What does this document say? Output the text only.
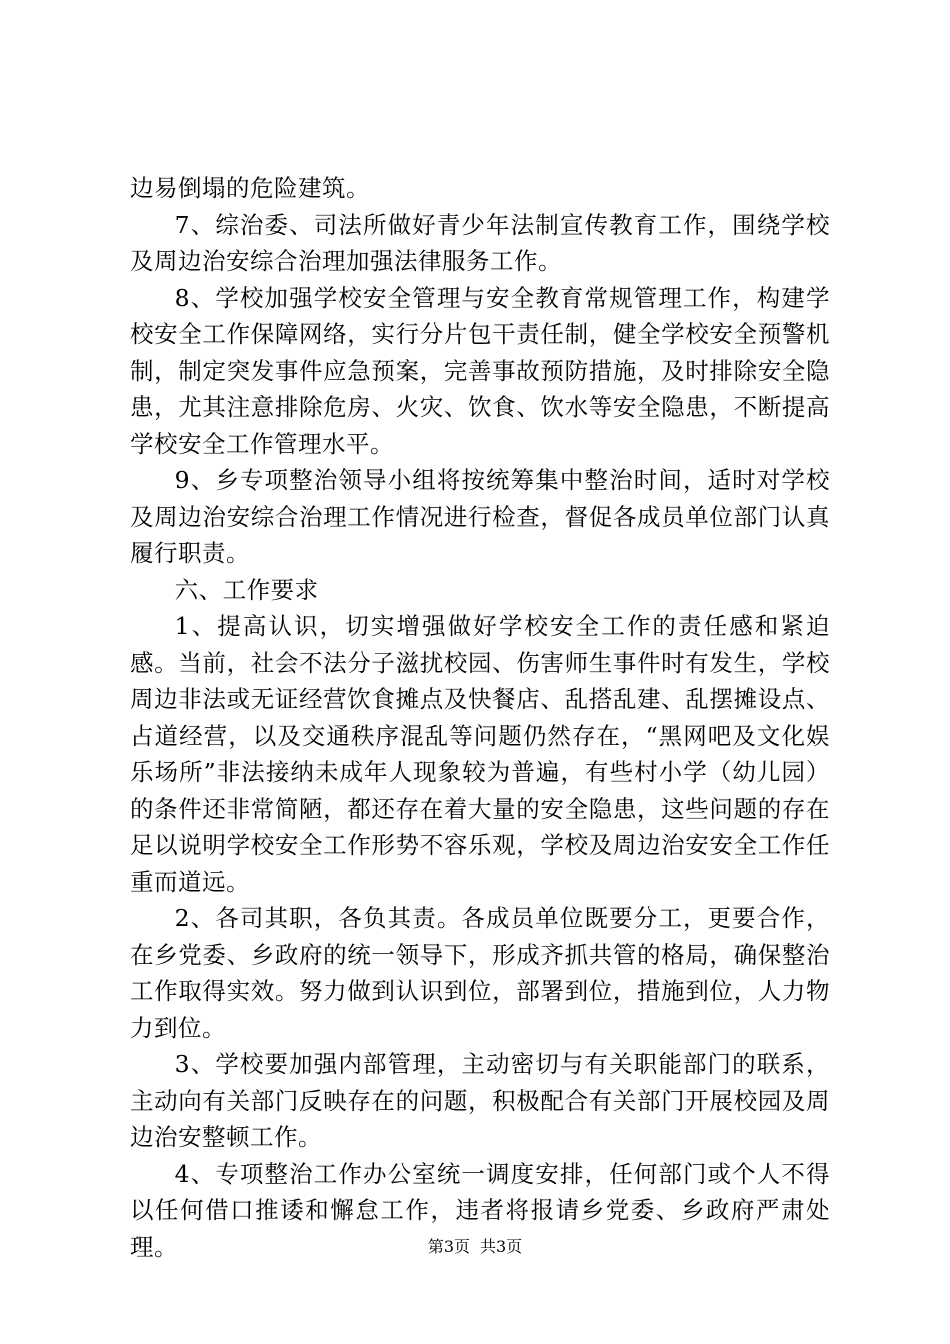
边易倒塌的危险建筑。

7、综治委、司法所做好青少年法制宣传教育工作，围绕学校及周边治安综合治理加强法律服务工作。

8、学校加强学校安全管理与安全教育常规管理工作，构建学校安全工作保障网络，实行分片包干责任制，健全学校安全预警机制，制定突发事件应急预案，完善事故预防措施，及时排除安全隐患，尤其注意排除危房、火灾、饮食、饮水等安全隐患，不断提高学校安全工作管理水平。

9、乡专项整治领导小组将按统筹集中整治时间，适时对学校及周边治安综合治理工作情况进行检查，督促各成员单位部门认真履行职责。

六、工作要求

1、提高认识，切实增强做好学校安全工作的责任感和紧迫感。当前，社会不法分子滋扰校园、伤害师生事件时有发生，学校周边非法或无证经营饮食摊点及快餐店、乱搭乱建、乱摆摊设点、占道经营，以及交通秩序混乱等问题仍然存在，“黑网吧及文化娱乐场所”非法接纳未成年人现象较为普遍，有些村小学（幼儿园）的条件还非常简陋，都还存在着大量的安全隐患，这些问题的存在足以说明学校安全工作形势不容乐观，学校及周边治安安全工作任重而道远。

2、各司其职，各负其责。各成员单位既要分工，更要合作，在乡党委、乡政府的统一领导下，形成齐抓共管的格局，确保整治工作取得实效。努力做到认识到位，部署到位，措施到位，人力物力到位。

3、学校要加强内部管理，主动密切与有关职能部门的联系，主动向有关部门反映存在的问题，积极配合有关部门开展校园及周边治安整顿工作。

4、专项整治工作办公室统一调度安排，任何部门或个人不得以任何借口推诿和懈怠工作，违者将报请乡党委、乡政府严肃处理。	第3页 共3页
